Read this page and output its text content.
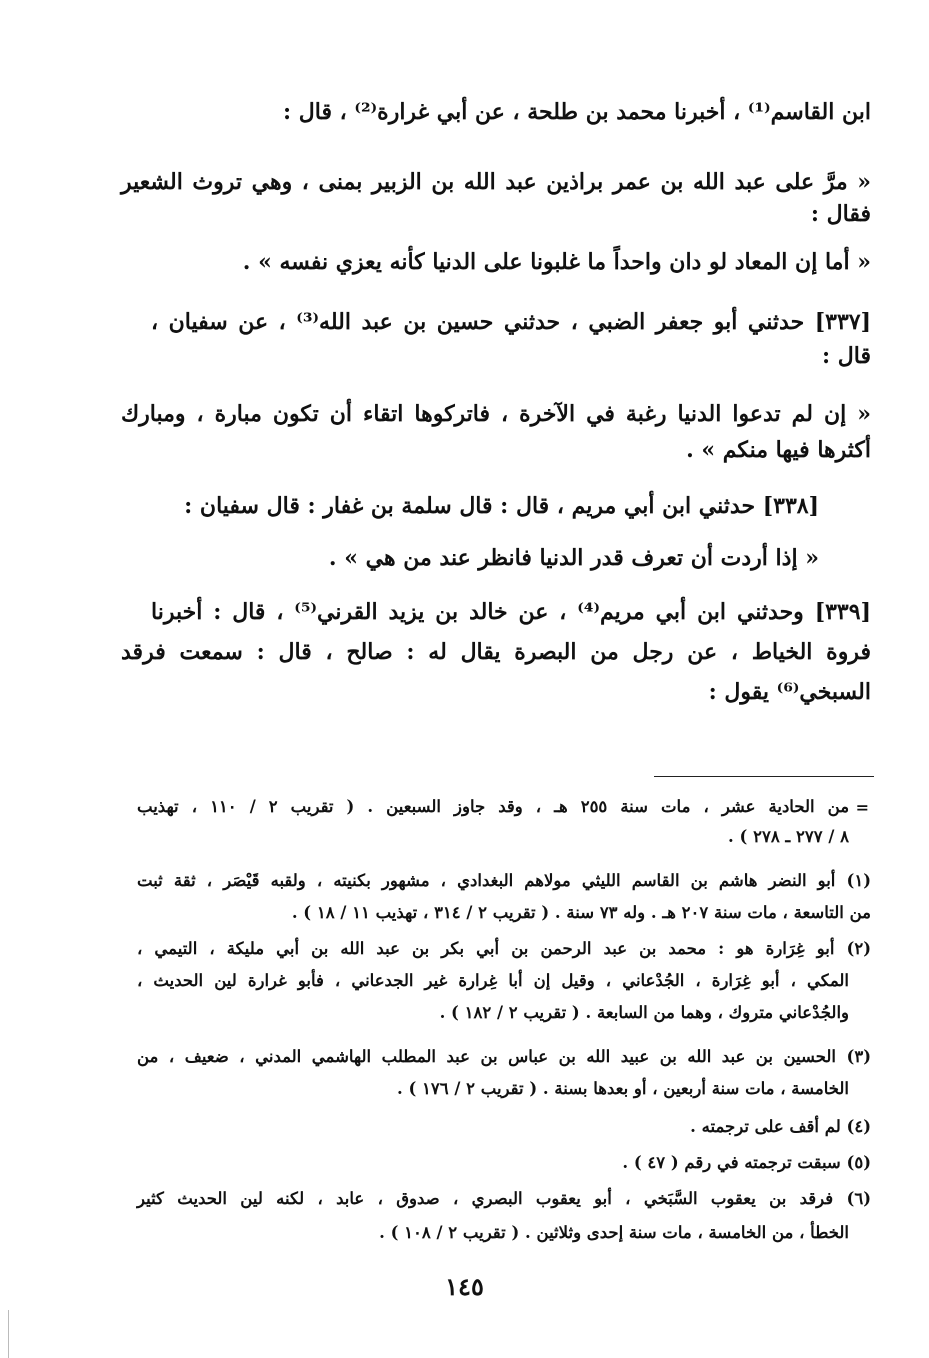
ابن القاسم⁽¹⁾ ، أخبرنا محمد بن طلحة ، عن أبي غرارة⁽²⁾ ، قال :
« مرَّ على عبد الله بن عمر براذين عبد الله بن الزبير بمنى ، وهي تروث الشعير
فقال :
« أما إن المعاد لو دان واحداً ما غلبونا على الدنيا كأنه يعزي نفسه » .
[٣٣٧] حدثني أبو جعفر الضبي ، حدثني حسين بن عبد الله⁽³⁾ ، عن سفيان ،
قال :
« إن لم تدعوا الدنيا رغبة في الآخرة ، فاتركوها اتقاء أن تكون مبارة ، ومبارك
أكثرها فيها منكم » .
[٣٣٨] حدثني ابن أبي مريم ، قال : قال سلمة بن غفار : قال سفيان :
« إذا أردت أن تعرف قدر الدنيا فانظر عند من هي » .
[٣٣٩] وحدثني ابن أبي مريم⁽⁴⁾ ، عن خالد بن يزيد القرني⁽⁵⁾ ، قال : أخبرنا
فروة الخياط ، عن رجل من البصرة يقال له : صالح ، قال : سمعت فرقد
السبخي⁽⁶⁾ يقول :
=
من الحادية عشر ، مات سنة ٢٥٥ هـ ، وقد جاوز السبعين . ( تقريب ٢ / ١١٠ ، تهذيب
٨ / ٢٧٧ ـ ٢٧٨ ) .
(١) أبو النضر هاشم بن القاسم الليثي مولاهم البغدادي ، مشهور بكنيته ، ولقبه قَيْصَر ، ثقة ثبت
من التاسعة ، مات سنة ٢٠٧ هـ . وله ٧٣ سنة . ( تقريب ٢ / ٣١٤ ، تهذيب ١١ / ١٨ ) .
(٢) أبو غِرَارة هو : محمد بن عبد الرحمن بن أبي بكر بن عبد الله بن أبي مليكة ، التيمي ،
المكي ، أبو غِرَارة ، الجُدْعاني ، وقيل إن أبا غِرارة غير الجدعاني ، فأبو غرارة لين الحديث ،
والجُدْعاني متروك ، وهما من السابعة . ( تقريب ٢ / ١٨٢ ) .
(٣) الحسين بن عبد الله بن عبيد الله بن عباس بن عبد المطلب الهاشمي المدني ، ضعيف ، من
الخامسة ، مات سنة أربعين ، أو بعدها بسنة . ( تقريب ٢ / ١٧٦ ) .
(٤) لم أقف على ترجمته .
(٥) سبقت ترجمته في رقم ( ٤٧ ) .
(٦) فرقد بن يعقوب السَّبَخي ، أبو يعقوب البصري ، صدوق ، عابد ، لكنه لين الحديث كثير
الخطأ ، من الخامسة ، مات سنة إحدى وثلاثين . ( تقريب ٢ / ١٠٨ ) .
١٤٥
